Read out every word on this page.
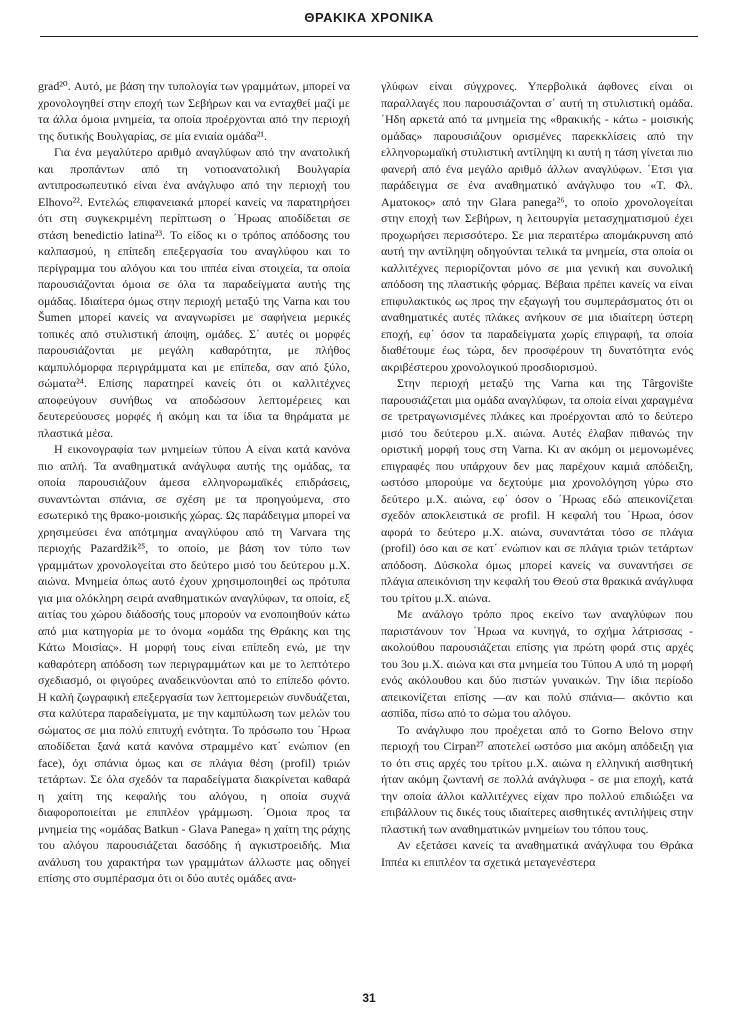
ΘΡΑΚΙΚΑ ΧΡΟΝΙΚΑ

grad²⁰. Αυτό, με βάση την τυπολογία των γραμμάτων, μπορεί να χρονολογηθεί στην εποχή των Σεβήρων και να ενταχθεί μαζί με τα άλλα όμοια μνημεία, τα οποία προέρχονται από την περιοχή της δυτικής Βουλγαρίας, σε μία ενιαία ομάδα²¹.

Για ένα μεγαλύτερο αριθμό αναγλύφων από την ανατολική και προπάντων από τη νοτιοανατολική Βουλγαρία αντιπροσωπευτικό είναι ένα ανάγλυφο από την περιοχή του Elhovo²². Εντελώς επιφανειακά μπορεί κανείς να παρατηρήσει ότι στη συγκεκριμένη περίπτωση ο ΄Ηρωας αποδίδεται σε στάση benedictio latina²³. Το είδος κι ο τρόπος απόδοσης του καλπασμού, η επίπεδη επεξεργασία του αναγλύφου και το περίγραμμα του αλόγου και του ιππέα είναι στοιχεία, τα οποία παρουσιάζονται όμοια σε όλα τα παραδείγματα αυτής της ομάδας. Ιδιαίτερα όμως στην περιοχή μεταξύ της Varna και του Šumen μπορεί κανείς να αναγνωρίσει με σαφήνεια μερικές τοπικές από στυλιστική άποψη, ομάδες. Σ΄ αυτές οι μορφές παρουσιάζονται με μεγάλη καθαρότητα, με πλήθος καμπυλόμορφα περιγράμματα και με επίπεδα, σαν από ξύλο, σώματα²⁴. Επίσης παρατηρεί κανείς ότι οι καλλιτέχνες αποφεύγουν συνήθως να αποδώσουν λεπτομέρειες και δευτερεύουσες μορφές ή ακόμη και τα ίδια τα θηράματα με πλαστικά μέσα.

Η εικονογραφία των μνημείων τύπου Α είναι κατά κανόνα πιο απλή. Τα αναθηματικά ανάγλυφα αυτής της ομάδας, τα οποία παρουσιάζουν άμεσα ελληνορωμαϊκές επιδράσεις, συναντώνται σπάνια, σε σχέση με τα προηγούμενα, στο εσωτερικό της θρακο-μοισικής χώρας. Ως παράδειγμα μπορεί να χρησιμεύσει ένα απότμημα αναγλύφου από τη Varvara της περιοχής Pazardžik²⁵, το οποίο, με βάση τον τύπο των γραμμάτων χρονολογείται στο δεύτερο μισό του δεύτερου μ.Χ. αιώνα. Μνημεία όπως αυτό έχουν χρησιμοποιηθεί ως πρότυπα για μια ολόκληρη σειρά αναθηματικών αναγλύφων, τα οποία, εξ αιτίας του χώρου διάδοσής τους μπορούν να ενοποιηθούν κάτω από μια κατηγορία με το όνομα «ομάδα της Θράκης και της Κάτω Μοισίας». Η μορφή τους είναι επίπεδη ενώ, με την καθαρότερη απόδοση των περιγραμμάτων και με το λεπτότερο σχεδιασμό, οι φιγούρες αναδεικνύονται από το επίπεδο φόντο. Η καλή ζωγραφική επεξεργασία των λεπτομερειών συνδυάζεται, στα καλύτερα παραδείγματα, με την καμπύλωση των μελών του σώματος σε μια πολύ επιτυχή ενότητα. Το πρόσωπο του ΄Ηρωα αποδίδεται ξανά κατά κανόνα στραμμένο κατ΄ ενώπιον (en face), όχι σπάνια όμως και σε πλάγια θέση (profil) τριών τετάρτων. Σε όλα σχεδόν τα παραδείγματα διακρίνεται καθαρά η χαίτη της κεφαλής του αλόγου, η οποία συχνά διαφοροποιείται με επιπλέον γράμμωση. ΄Ομοια προς τα μνημεία της «ομάδας Batkun - Glava Panega» η χαίτη της ράχης του αλόγου παρουσιάζεται δασόδης ή αγκιστροειδής. Μια ανάλυση του χαρακτήρα των γραμμάτων άλλωστε μας οδηγεί επίσης στο συμπέρασμα ότι οι δύο αυτές ομάδες ανα-

γλύφων είναι σύγχρονες. Υπερβολικά άφθονες είναι οι παραλλαγές που παρουσιάζονται σ΄ αυτή τη στυλιστική ομάδα. ΄Ηδη αρκετά από τα μνημεία της «θρακικής - κάτω - μοισικής ομάδας» παρουσιάζουν ορισμένες παρεκκλίσεις από την ελληνορωμαϊκή στυλιστική αντίληψη κι αυτή η τάση γίνεται πιο φανερή από ένα μεγάλο αριθμό άλλων αναγλύφων. ΄Ετσι για παράδειγμα σε ένα αναθηματικό ανάγλυφο του «Τ. Φλ. Αματοκος» από την Glara panega²⁶, το οποίο χρονολογείται στην εποχή των Σεβήρων, η λειτουργία μετασχηματισμού έχει προχωρήσει περισσότερο. Σε μια περαιτέρω απομάκρυνση από αυτή την αντίληψη οδηγούνται τελικά τα μνημεία, στα οποία οι καλλιτέχνες περιορίζονται μόνο σε μια γενική και συνολική απόδοση της πλαστικής φόρμας. Βέβαια πρέπει κανείς να είναι επιφυλακτικός ως προς την εξαγωγή του συμπεράσματος ότι οι αναθηματικές αυτές πλάκες ανήκουν σε μια ιδιαίτερη ύστερη εποχή, εφ΄ όσον τα παραδείγματα χωρίς επιγραφή, τα οποία διαθέτουμε έως τώρα, δεν προσφέρουν τη δυνατότητα ενός ακριβέστερου χρονολογικού προσδιορισμού.

Στην περιοχή μεταξύ της Varna και της Târgovište παρουσιάζεται μια ομάδα αναγλύφων, τα οποία είναι χαραγμένα σε τρετραγωνισμένες πλάκες και προέρχονται από το δεύτερο μισό του δεύτερου μ.Χ. αιώνα. Αυτές έλαβαν πιθανώς την οριστική μορφή τους στη Varna. Κι αν ακόμη οι μεμονωμένες επιγραφές που υπάρχουν δεν μας παρέχουν καμιά απόδειξη, ωστόσο μπορούμε να δεχτούμε μια χρονολόγηση γύρω στο δεύτερο μ.Χ. αιώνα, εφ΄ όσον ο ΄Ηρωας εδώ απεικονίζεται σχεδόν αποκλειστικά σε profil. Η κεφαλή του ΄Ηρωα, όσον αφορά το δεύτερο μ.Χ. αιώνα, συναντάται τόσο σε πλάγια (profil) όσο και σε κατ΄ ενώπιον και σε πλάγια τριών τετάρτων απόδοση. Δύσκολα όμως μπορεί κανείς να συναντήσει σε πλάγια απεικόνιση την κεφαλή του Θεού στα θρακικά ανάγλυφα του τρίτου μ.Χ. αιώνα.

Με ανάλογο τρόπο προς εκείνο των αναγλύφων που παριστάνουν τον ΄Ηρωα να κυνηγά, το σχήμα λάτρισσας - ακολούθου παρουσιάζεται επίσης για πρώτη φορά στις αρχές του 3ου μ.Χ. αιώνα και στα μνημεία του Τύπου Α υπό τη μορφή ενός ακόλουθου και δύο πιστών γυναικών. Την ίδια περίοδο απεικονίζεται επίσης —αν και πολύ σπάνια— ακόντιο και ασπίδα, πίσω από το σώμα του αλόγου.

Το ανάγλυφο που προέχεται από το Gorno Belovo στην περιοχή του Cirpan²⁷ αποτελεί ωστόσο μια ακόμη απόδειξη για το ότι στις αρχές του τρίτου μ.Χ. αιώνα η ελληνική αισθητική ήταν ακόμη ζωντανή σε πολλά ανάγλυφα - σε μια εποχή, κατά την οποία άλλοι καλλιτέχνες είχαν προ πολλού επιδιώξει να επιβάλλουν τις δικές τους ιδιαίτερες αισθητικές αντιλήψεις στην πλαστική των αναθηματικών μνημείων του τόπου τους.

Αν εξετάσει κανείς τα αναθηματικά ανάγλυφα του Θράκα Ιππέα κι επιπλέον τα σχετικά μεταγενέστερα

31
